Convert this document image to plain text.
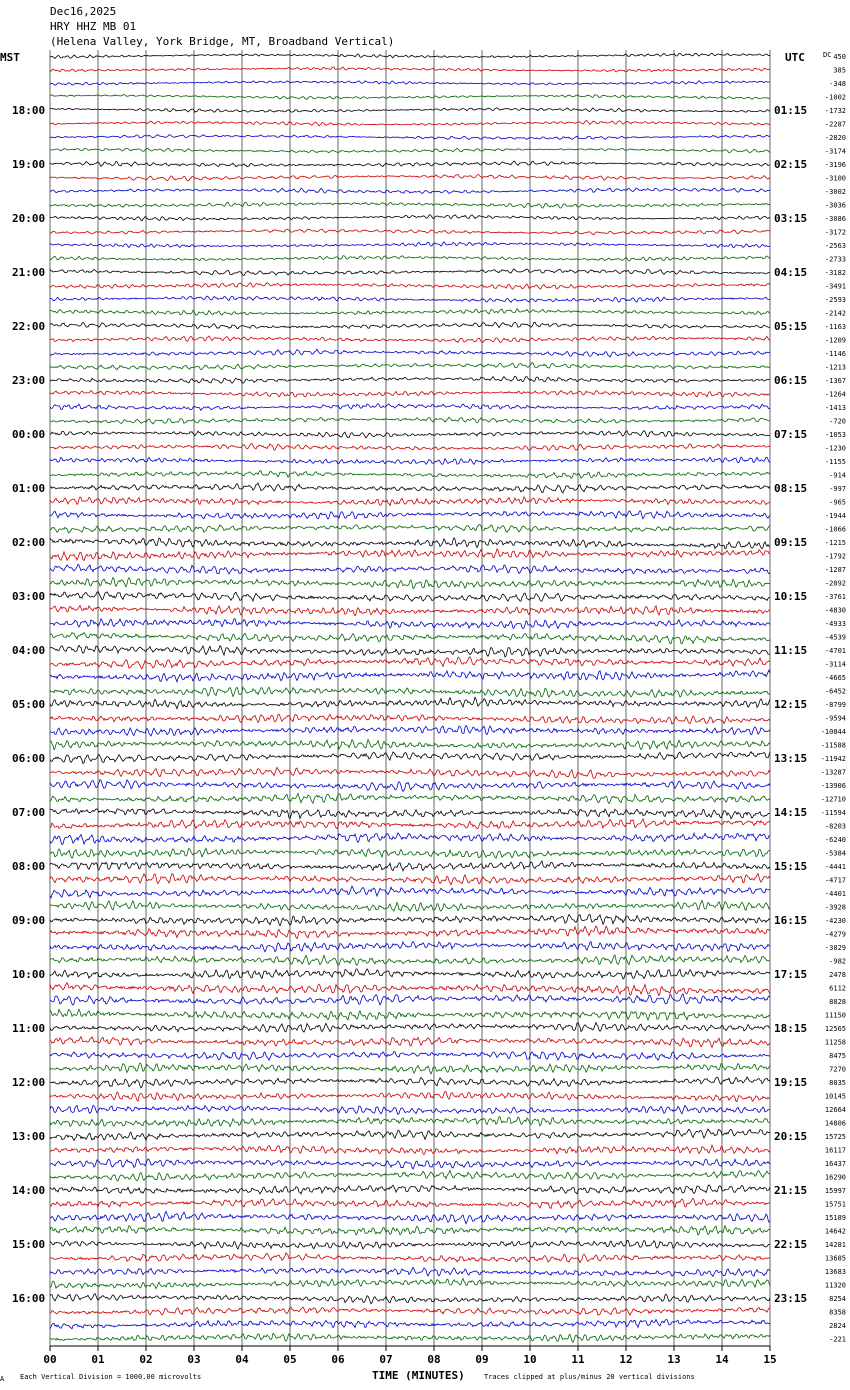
Dec16,2025
HRY HHZ MB 01
(Helena Valley, York Bridge, MT, Broadband Vertical)
MST	UTC	DC
18:00
19:00
20:00
21:00
22:00
23:00
00:00
01:00
02:00
03:00
04:00
05:00
06:00
07:00
08:00
09:00
10:00
11:00
12:00
13:00
14:00
15:00
16:00
01:15
02:15
03:15
04:15
05:15
06:15
07:15
08:15
09:15
10:15
11:15
12:15
13:15
14:15
15:15
16:15
17:15
18:15
19:15
20:15
21:15
22:15
23:15
450
385
-348
-1002
-1732
-2287
-2820
-3174
-3196
-3100
-3002
-3036
-3086
-3172
-2563
-2733
-3182
-3491
-2593
-2142
-1163
-1209
-1146
-1213
-1367
-1264
-1413
-720
-1053
-1230
-1155
-914
-997
-965
-1944
-1066
-1215
-1792
-1287
-2092
-3761
-4830
-4933
-4539
-4701
-3114
-4665
-6452
-8799
-9594
-10844
-11588
-11942
-13287
-13906
-12710
-11594
-8203
-6240
-5384
-4441
-4717
-4401
-3928
-4230
-4279
-3029
-982
2478
6112
8828
11150
12565
11258
8475
7270
8035
10145
12664
14806
15725
16117
16437
16290
15997
15751
15189
14642
14281
13685
13683
11320
8254
8358
2824
-221
00	01	02	03	04	05	06	07	08	09	10	11	12	13	14	15
TIME (MINUTES)
A Each Vertical Division = 1000.00 microvolts	Traces clipped at plus/minus 20 vertical divisions
